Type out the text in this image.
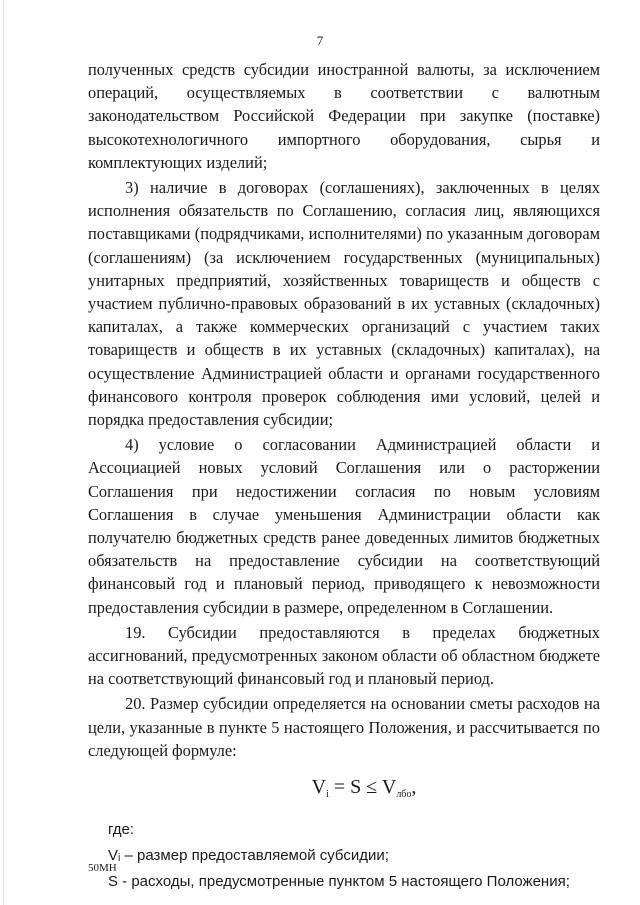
7

полученных средств субсидии иностранной валюты, за исключением операций, осуществляемых в соответствии с валютным законодательством Российской Федерации при закупке (поставке) высокотехнологичного импортного оборудования, сырья и комплектующих изделий;

3) наличие в договорах (соглашениях), заключенных в целях исполнения обязательств по Соглашению, согласия лиц, являющихся поставщиками (подрядчиками, исполнителями) по указанным договорам (соглашениям) (за исключением государственных (муниципальных) унитарных предприятий, хозяйственных товариществ и обществ с участием публично-правовых образований в их уставных (складочных) капиталах, а также коммерческих организаций с участием таких товариществ и обществ в их уставных (складочных) капиталах), на осуществление Администрацией области и органами государственного финансового контроля проверок соблюдения ими условий, целей и порядка предоставления субсидии;

4) условие о согласовании Администрацией области и Ассоциацией новых условий Соглашения или о расторжении Соглашения при недостижении согласия по новым условиям Соглашения в случае уменьшения Администрации области как получателю бюджетных средств ранее доведенных лимитов бюджетных обязательств на предоставление субсидии на соответствующий финансовый год и плановый период, приводящего к невозможности предоставления субсидии в размере, определенном в Соглашении.

19. Субсидии предоставляются в пределах бюджетных ассигнований, предусмотренных законом области об областном бюджете на соответствующий финансовый год и плановый период.

20. Размер субсидии определяется на основании сметы расходов на цели, указанные в пункте 5 настоящего Положения, и рассчитывается по следующей формуле:

$V_i = S \le V_{лбо}$,
где:
Vᵢ – размер предоставляемой субсидии;
S - расходы, предусмотренные пунктом 5 настоящего Положения;
50МН
